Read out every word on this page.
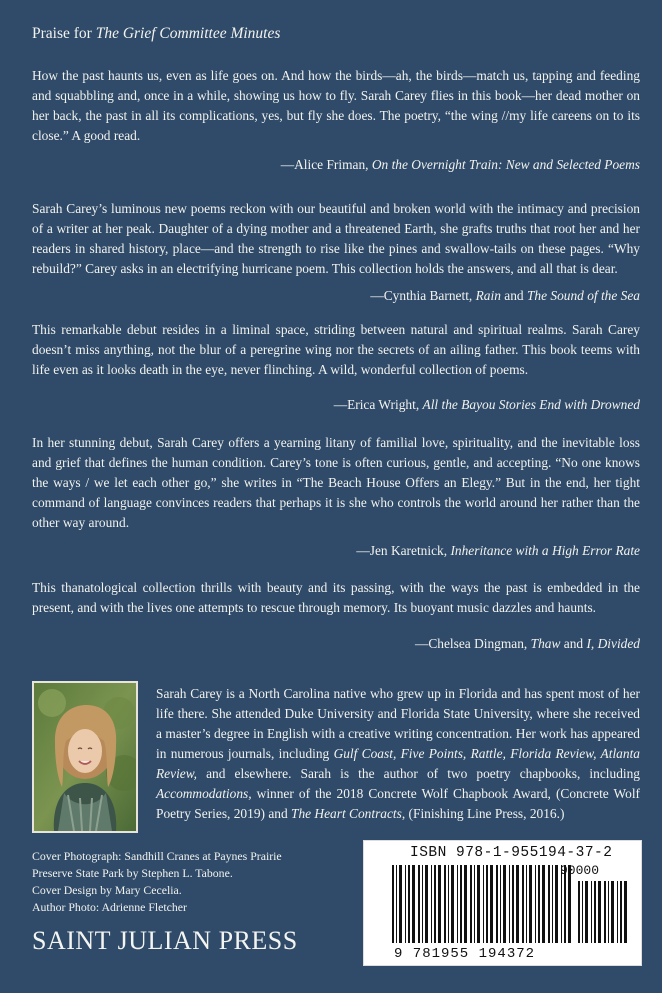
Praise for The Grief Committee Minutes
How the past haunts us, even as life goes on. And how the birds—ah, the birds—match us, tapping and feeding and squabbling and, once in a while, showing us how to fly. Sarah Carey flies in this book—her dead mother on her back, the past in all its complications, yes, but fly she does. The poetry, “the wing //my life careens on to its close.” A good read.
—Alice Friman, On the Overnight Train: New and Selected Poems
Sarah Carey’s luminous new poems reckon with our beautiful and broken world with the intimacy and precision of a writer at her peak. Daughter of a dying mother and a threatened Earth, she grafts truths that root her and her readers in shared history, place—and the strength to rise like the pines and swallow-tails on these pages. “Why rebuild?” Carey asks in an electrifying hurricane poem. This collection holds the answers, and all that is dear.
—Cynthia Barnett, Rain and The Sound of the Sea
This remarkable debut resides in a liminal space, striding between natural and spiritual realms. Sarah Carey doesn’t miss anything, not the blur of a peregrine wing nor the secrets of an ailing father. This book teems with life even as it looks death in the eye, never flinching. A wild, wonderful collection of poems.
—Erica Wright, All the Bayou Stories End with Drowned
In her stunning debut, Sarah Carey offers a yearning litany of familial love, spirituality, and the inevitable loss and grief that defines the human condition. Carey’s tone is often curious, gentle, and accepting. “No one knows the ways / we let each other go,” she writes in “The Beach House Offers an Elegy.” But in the end, her tight command of language convinces readers that perhaps it is she who controls the world around her rather than the other way around.
—Jen Karetnick, Inheritance with a High Error Rate
This thanatological collection thrills with beauty and its passing, with the ways the past is embedded in the present, and with the lives one attempts to rescue through memory. Its buoyant music dazzles and haunts.
—Chelsea Dingman, Thaw and I, Divided
Sarah Carey is a North Carolina native who grew up in Florida and has spent most of her life there. She attended Duke University and Florida State University, where she received a master’s degree in English with a creative writing concentration. Her work has appeared in numerous journals, including Gulf Coast, Five Points, Rattle, Florida Review, Atlanta Review, and elsewhere. Sarah is the author of two poetry chapbooks, including Accommodations, winner of the 2018 Concrete Wolf Chapbook Award, (Concrete Wolf Poetry Series, 2019) and The Heart Contracts, (Finishing Line Press, 2016.)
Cover Photograph: Sandhill Cranes at Paynes Prairie
Preserve State Park by Stephen L. Tabone.
Cover Design by Mary Cecelia.
Author Photo: Adrienne Fletcher
SAINT JULIAN PRESS
ISBN 978-1-955194-37-2
90000
9 781955 194372
